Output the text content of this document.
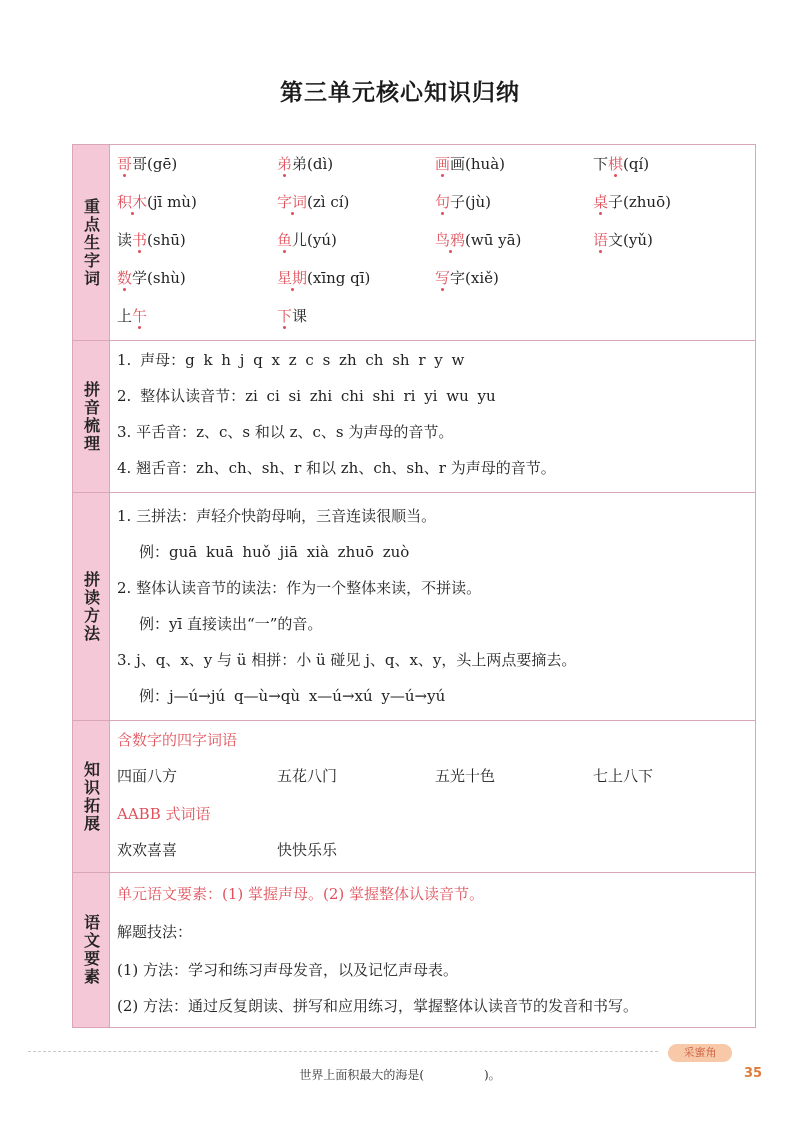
第三单元核心知识归纳
重点生字词
哥哥(gē)	弟弟(dì)	画画(huà)	下棋(qí)
积木(jī mù)	字词(zì cí)	句子(jù)	桌子(zhuō)
读书(shū)	鱼儿(yú)	鸟鸦(wū yā)	语文(yǔ)
数学(shù)	星期(xīng qī)	写字(xiě)
上午	下课
拼音梳理
1. 声母：g k h j q x z c s zh ch sh r y w
2. 整体认读音节：zi ci si zhi chi shi ri yi wu yu
3. 平舌音：z、c、s 和以 z、c、s 为声母的音节。
4. 翘舌音：zh、ch、sh、r 和以 zh、ch、sh、r 为声母的音节。
拼读方法
1. 三拼法：声轻介快韵母响，三音连读很顺当。
例：guā kuā huǒ jiā xià zhuō zuò
2. 整体认读音节的读法：作为一个整体来读，不拼读。
例：yī 直接读出“一”的音。
3. j、q、x、y 与 ü 相拼：小 ü 碰见 j、q、x、y，头上两点要摘去。
例：j—ú→jú q—ù→qù x—ú→xú y—ú→yú
知识拓展
含数字的四字词语
四面八方	五花八门	五光十色	七上八下
AABB 式词语
欢欢喜喜	快快乐乐
语文要素
单元语文要素：(1) 掌握声母。(2) 掌握整体认读音节。
解题技法：
(1) 方法：学习和练习声母发音，以及记忆声母表。
(2) 方法：通过反复朗读、拼写和应用练习，掌握整体认读音节的发音和书写。
采蜜角
世界上面积最大的海是(　　　　　)。	35
